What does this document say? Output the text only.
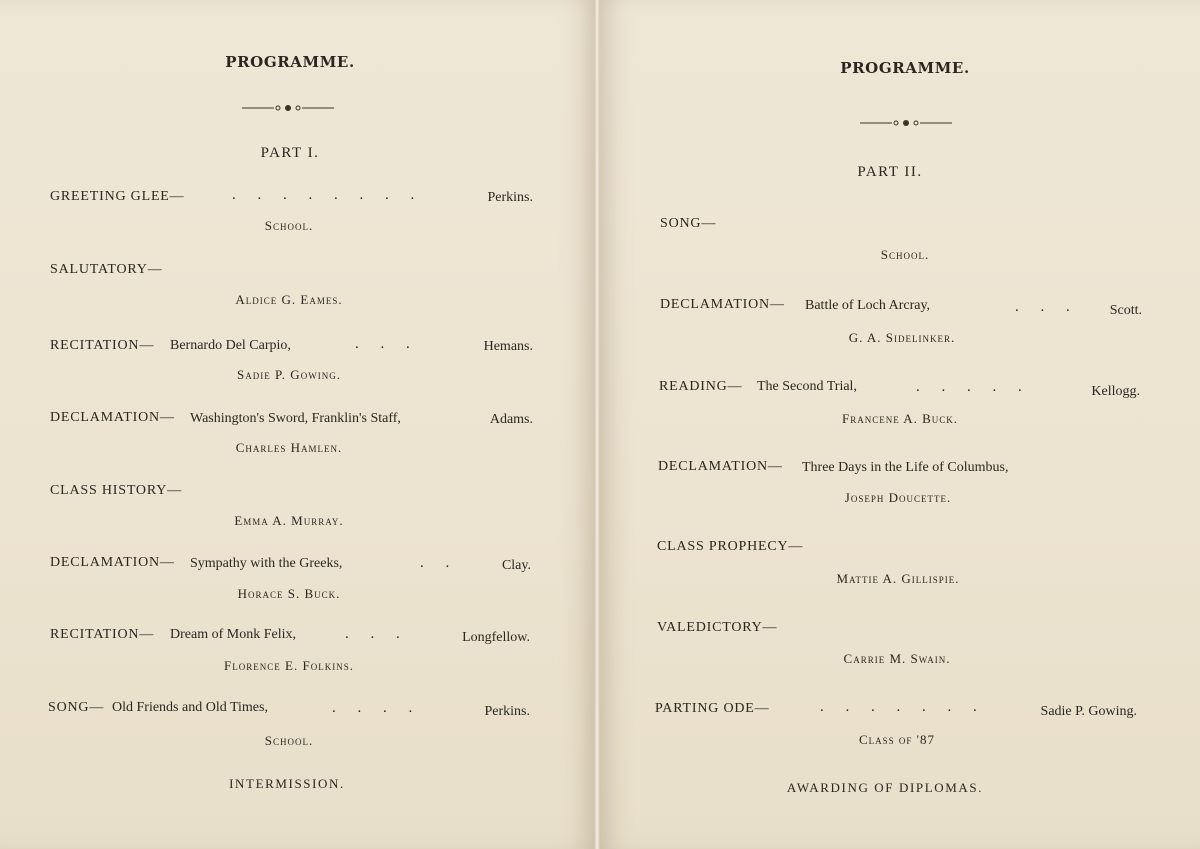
PROGRAMME.
PART I.
GREETING GLEE—	. . . . . . . .	Perkins.
School.
SALUTATORY—
Aldice G. Eames.
RECITATION— Bernardo Del Carpio,	. . .	Hemans.
Sadie P. Gowing.
DECLAMATION— Washington's Sword, Franklin's Staff,	Adams.
Charles Hamlen.
CLASS HISTORY—
Emma A. Murray.
DECLAMATION— Sympathy with the Greeks,	. .	Clay.
Horace S. Buck.
RECITATION— Dream of Monk Felix,	. . .	Longfellow.
Florence E. Folkins.
SONG— Old Friends and Old Times,	. . . .	Perkins.
School.
INTERMISSION.
PROGRAMME.
PART II.
SONG—
School.
DECLAMATION— Battle of Loch Arcray,	. . .	Scott.
G. A. Sidelinker.
READING— The Second Trial,	. . . . .	Kellogg.
Francene A. Buck.
DECLAMATION— Three Days in the Life of Columbus,
Joseph Doucette.
CLASS PROPHECY—
Mattie A. Gillispie.
VALEDICTORY—
Carrie M. Swain.
PARTING ODE—	. . . . . . .	Sadie P. Gowing.
Class of '87
AWARDING OF DIPLOMAS.
